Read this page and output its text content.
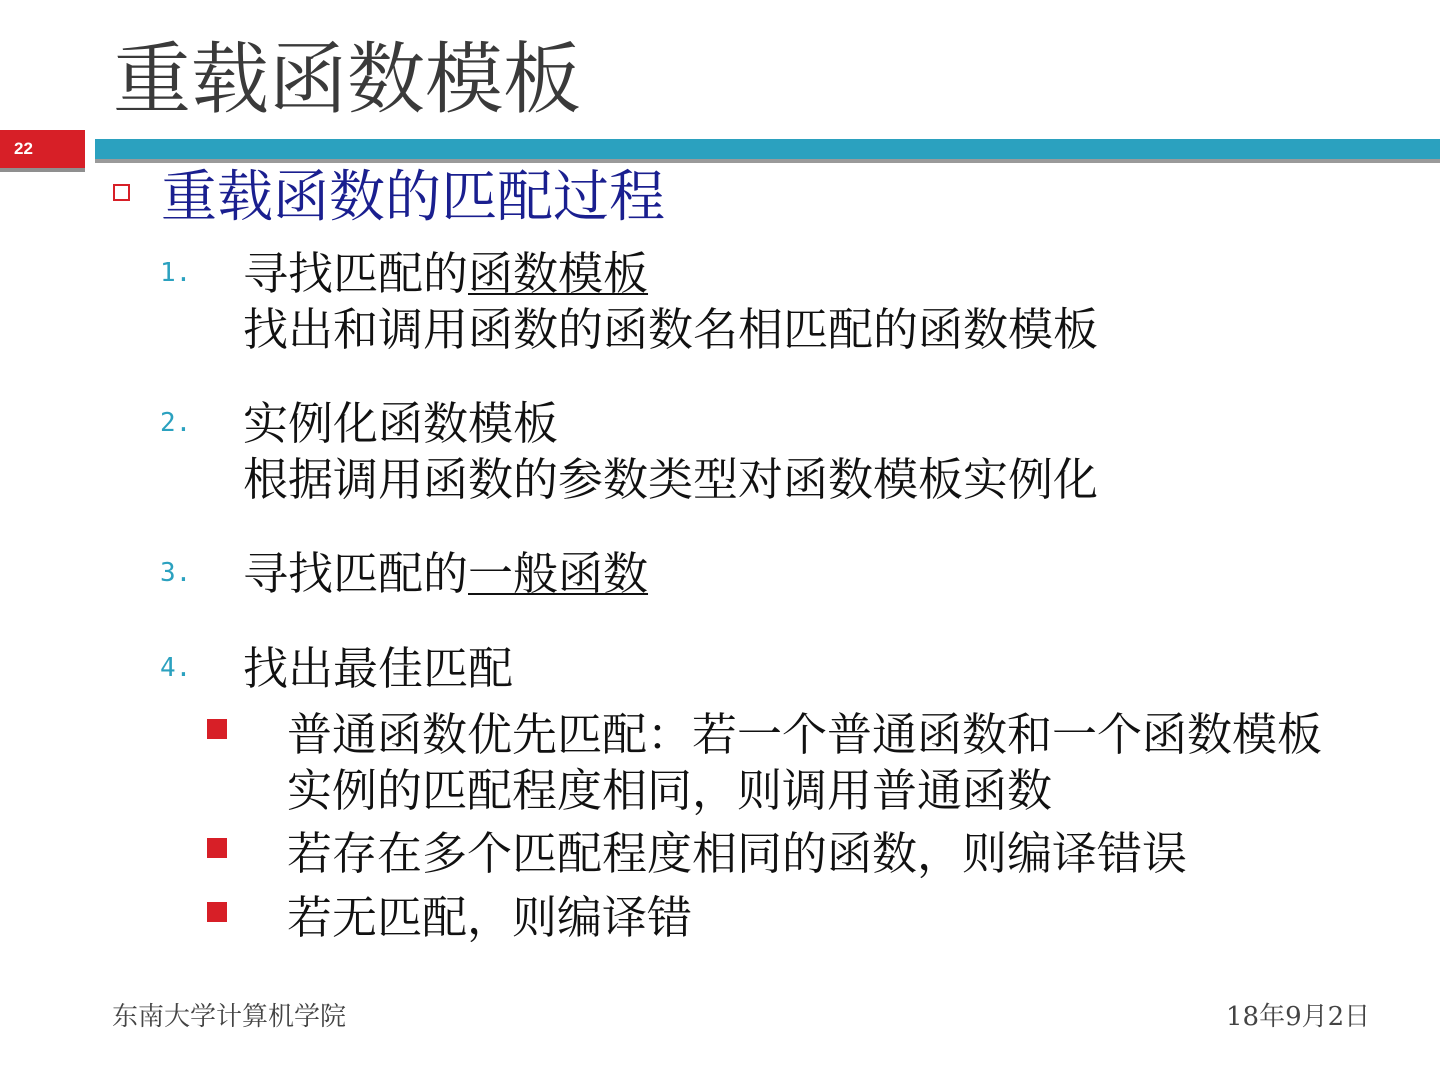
重载函数模板
22
重载函数的匹配过程
1. 寻找匹配的函数模板
找出和调用函数的函数名相匹配的函数模板
2. 实例化函数模板
根据调用函数的参数类型对函数模板实例化
3. 寻找匹配的一般函数
4. 找出最佳匹配
普通函数优先匹配：若一个普通函数和一个函数模板
实例的匹配程度相同，则调用普通函数
若存在多个匹配程度相同的函数，则编译错误
若无匹配，则编译错
东南大学计算机学院	18年9月2日
